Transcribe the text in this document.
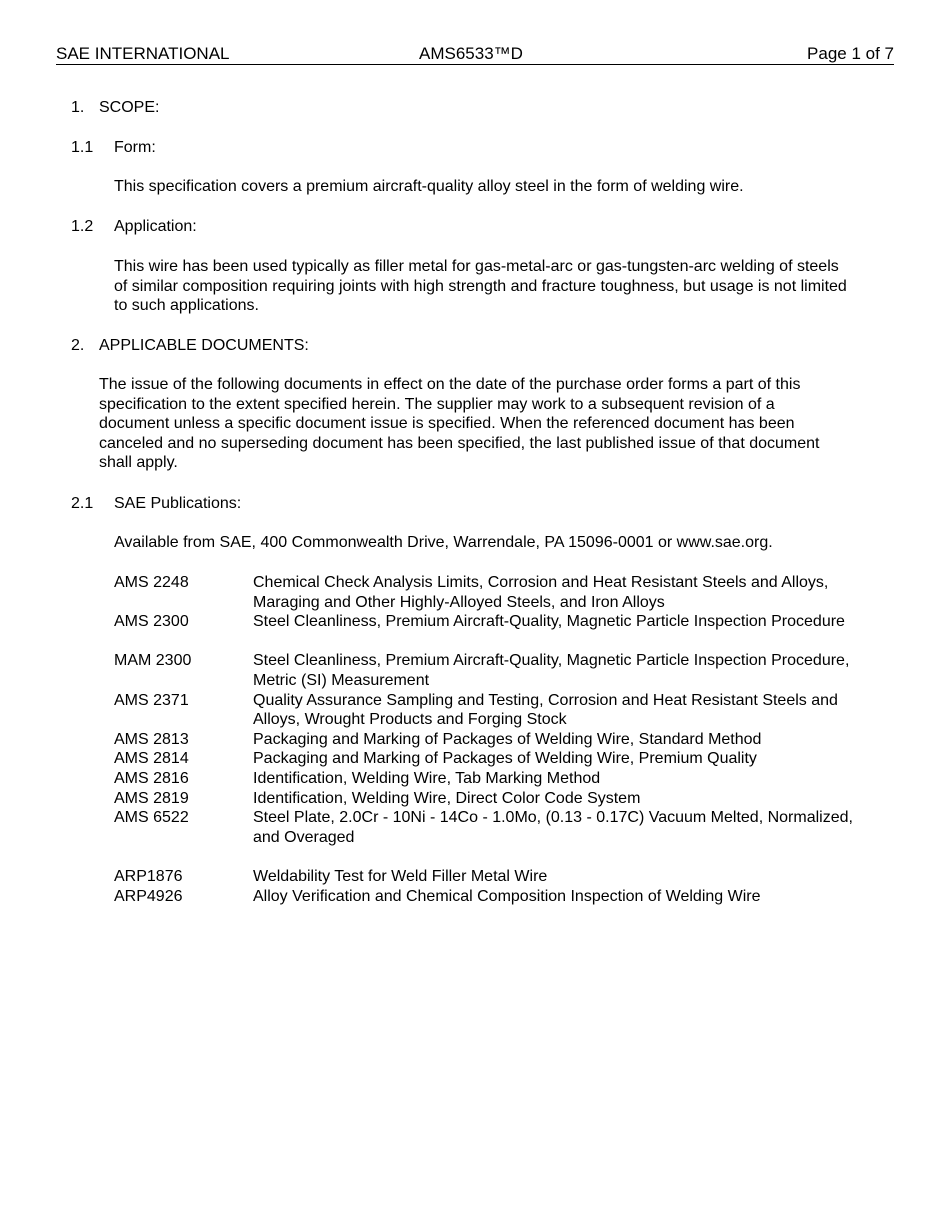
SAE INTERNATIONAL	AMS6533™D	Page 1 of 7
1. SCOPE:
1.1 Form:
This specification covers a premium aircraft-quality alloy steel in the form of welding wire.
1.2 Application:
This wire has been used typically as filler metal for gas-metal-arc or gas-tungsten-arc welding of steels of similar composition requiring joints with high strength and fracture toughness, but usage is not limited to such applications.
2. APPLICABLE DOCUMENTS:
The issue of the following documents in effect on the date of the purchase order forms a part of this specification to the extent specified herein. The supplier may work to a subsequent revision of a document unless a specific document issue is specified. When the referenced document has been canceled and no superseding document has been specified, the last published issue of that document shall apply.
2.1 SAE Publications:
Available from SAE, 400 Commonwealth Drive, Warrendale, PA 15096-0001 or www.sae.org.
AMS 2248	Chemical Check Analysis Limits, Corrosion and Heat Resistant Steels and Alloys, Maraging and Other Highly-Alloyed Steels, and Iron Alloys
AMS 2300	Steel Cleanliness, Premium Aircraft-Quality, Magnetic Particle Inspection Procedure
MAM 2300	Steel Cleanliness, Premium Aircraft-Quality, Magnetic Particle Inspection Procedure, Metric (SI) Measurement
AMS 2371	Quality Assurance Sampling and Testing, Corrosion and Heat Resistant Steels and Alloys, Wrought Products and Forging Stock
AMS 2813	Packaging and Marking of Packages of Welding Wire, Standard Method
AMS 2814	Packaging and Marking of Packages of Welding Wire, Premium Quality
AMS 2816	Identification, Welding Wire, Tab Marking Method
AMS 2819	Identification, Welding Wire, Direct Color Code System
AMS 6522	Steel Plate, 2.0Cr - 10Ni - 14Co - 1.0Mo, (0.13 - 0.17C) Vacuum Melted, Normalized, and Overaged
ARP1876	Weldability Test for Weld Filler Metal Wire
ARP4926	Alloy Verification and Chemical Composition Inspection of Welding Wire
